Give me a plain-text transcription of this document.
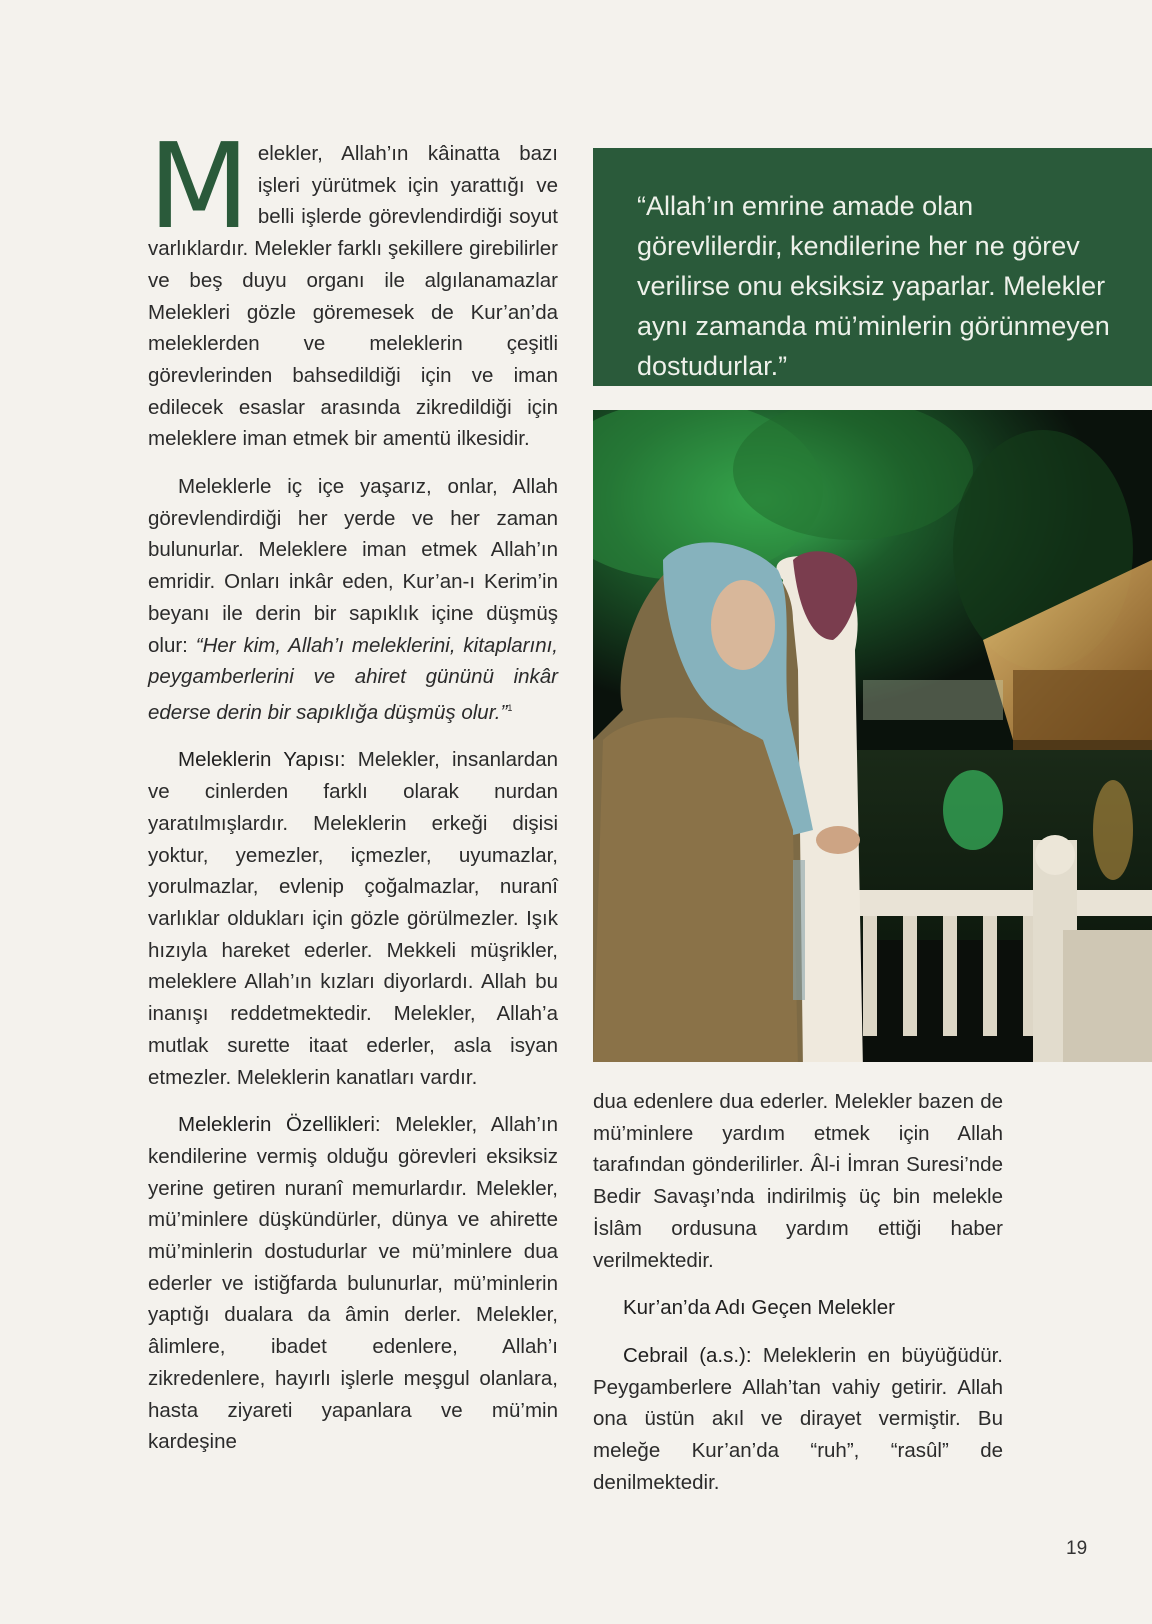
Melekler, Allah’ın kâinatta bazı işleri yürütmek için yarattığı ve belli işlerde görevlendirdiği soyut varlıklardır. Melekler farklı şekillere girebilirler ve beş duyu organı ile algılanamazlar Melekleri gözle göremesek de Kur’an’da meleklerden ve meleklerin çeşitli görevlerinden bahsedildiği için ve iman edilecek esaslar arasında zikredildiği için meleklere iman etmek bir amentü ilkesidir.

Meleklerle iç içe yaşarız, onlar, Allah görevlendirdiği her yerde ve her zaman bulunurlar. Meleklere iman etmek Allah’ın emridir. Onları inkâr eden, Kur’an-ı Kerim’in beyanı ile derin bir sapıklık içine düşmüş olur: “Her kim, Allah’ı meleklerini, kitaplarını, peygamberlerini ve ahiret gününü inkâr ederse derin bir sapıklığa düşmüş olur.”$^1$

Meleklerin Yapısı: Melekler, insanlardan ve cinlerden farklı olarak nurdan yaratılmışlardır. Meleklerin erkeği dişisi yoktur, yemezler, içmezler, uyumazlar, yorulmazlar, evlenip çoğalmazlar, nuranî varlıklar oldukları için gözle görülmezler. Işık hızıyla hareket ederler. Mekkeli müşrikler, meleklere Allah’ın kızları diyorlardı. Allah bu inanışı reddetmektedir. Melekler, Allah’a mutlak surette itaat ederler, asla isyan etmezler. Meleklerin kanatları vardır.

Meleklerin Özellikleri: Melekler, Allah’ın kendilerine vermiş olduğu görevleri eksiksiz yerine getiren nuranî memurlardır. Melekler, mü’minlere düşkündürler, dünya ve ahirette mü’minlerin dostudurlar ve mü’minlere dua ederler ve istiğfarda bulunurlar, mü’minlerin yaptığı dualara da âmin derler. Melekler, âlimlere, ibadet edenlere, Allah’ı zikredenlere, hayırlı işlerle meşgul olanlara, hasta ziyareti yapanlara ve mü’min kardeşine

“Allah’ın emrine amade olan görevlilerdir, kendilerine her ne görev verilirse onu eksiksiz yaparlar. Melekler aynı zamanda mü’minlerin görünmeyen dostudurlar.”

dua edenlere dua ederler. Melekler bazen de mü’minlere yardım etmek için Allah tarafından gönderilirler. Âl-i İmran Suresi’nde Bedir Savaşı’nda indirilmiş üç bin melekle İslâm ordusuna yardım ettiği haber verilmektedir.

Kur’an’da Adı Geçen Melekler

Cebrail (a.s.): Meleklerin en büyüğüdür. Peygamberlere Allah’tan vahiy getirir. Allah ona üstün akıl ve dirayet vermiştir. Bu meleğe Kur’an’da “ruh”, “rasûl” de denilmektedir.

19
